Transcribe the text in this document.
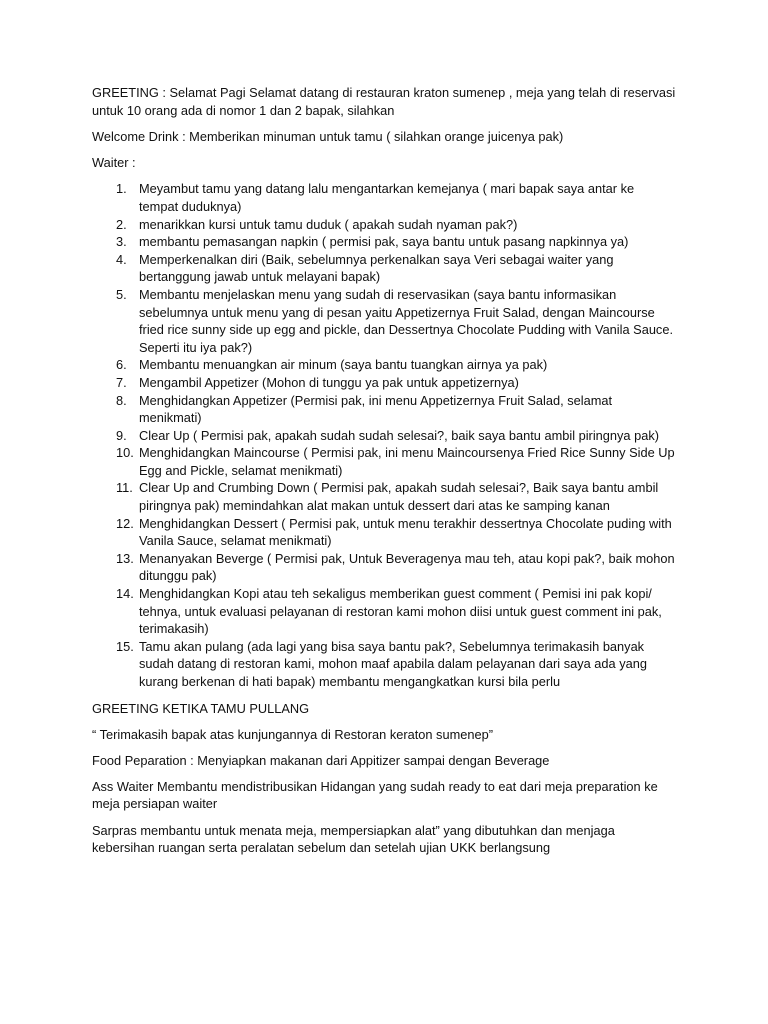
GREETING : Selamat Pagi Selamat datang di restauran kraton sumenep , meja yang telah di reservasi untuk 10 orang ada di nomor 1 dan 2 bapak, silahkan

Welcome Drink : Memberikan minuman untuk tamu ( silahkan orange juicenya pak)

Waiter :

1. Meyambut tamu yang datang lalu mengantarkan kemejanya ( mari bapak saya antar ke tempat duduknya)
2. menarikkan kursi untuk tamu duduk ( apakah sudah nyaman pak?)
3. membantu pemasangan napkin ( permisi pak, saya bantu untuk pasang napkinnya ya)
4. Memperkenalkan diri (Baik, sebelumnya perkenalkan saya Veri sebagai waiter yang bertanggung jawab untuk melayani bapak)
5. Membantu menjelaskan menu yang sudah di reservasikan (saya bantu informasikan sebelumnya untuk menu yang di pesan yaitu Appetizernya Fruit Salad, dengan Maincourse fried rice sunny side up egg and pickle, dan Dessertnya Chocolate Pudding with Vanila Sauce. Seperti itu iya pak?)
6. Membantu menuangkan air minum (saya bantu tuangkan airnya ya pak)
7. Mengambil Appetizer (Mohon di tunggu ya pak untuk appetizernya)
8. Menghidangkan Appetizer (Permisi pak, ini menu Appetizernya Fruit Salad, selamat menikmati)
9. Clear Up ( Permisi pak, apakah sudah sudah selesai?, baik saya bantu ambil piringnya pak)
10. Menghidangkan Maincourse ( Permisi pak, ini menu Maincoursenya Fried Rice Sunny Side Up Egg and Pickle, selamat menikmati)
11. Clear Up and Crumbing Down ( Permisi pak, apakah sudah selesai?, Baik saya bantu ambil piringnya pak) memindahkan alat makan untuk dessert dari atas ke samping kanan
12. Menghidangkan Dessert ( Permisi pak, untuk menu terakhir dessertnya Chocolate puding with Vanila Sauce, selamat menikmati)
13. Menanyakan Beverge ( Permisi pak, Untuk Beveragenya mau teh, atau kopi pak?, baik mohon ditunggu pak)
14. Menghidangkan Kopi atau teh sekaligus memberikan guest comment ( Pemisi ini pak kopi/ tehnya, untuk evaluasi pelayanan di restoran kami mohon diisi untuk guest comment ini pak, terimakasih)
15. Tamu akan pulang (ada lagi yang bisa saya bantu pak?, Sebelumnya terimakasih banyak sudah datang di restoran kami, mohon maaf apabila dalam pelayanan dari saya ada yang kurang berkenan di hati bapak) membantu mengangkatkan kursi bila perlu

GREETING KETIKA TAMU PULLANG

“ Terimakasih bapak atas kunjungannya di Restoran keraton sumenep”

Food Peparation : Menyiapkan makanan dari Appitizer sampai dengan Beverage

Ass Waiter Membantu mendistribusikan Hidangan yang sudah ready to eat dari meja preparation ke meja persiapan waiter

Sarpras membantu untuk menata meja, mempersiapkan alat” yang dibutuhkan dan menjaga kebersihan ruangan serta peralatan sebelum dan setelah ujian UKK berlangsung
